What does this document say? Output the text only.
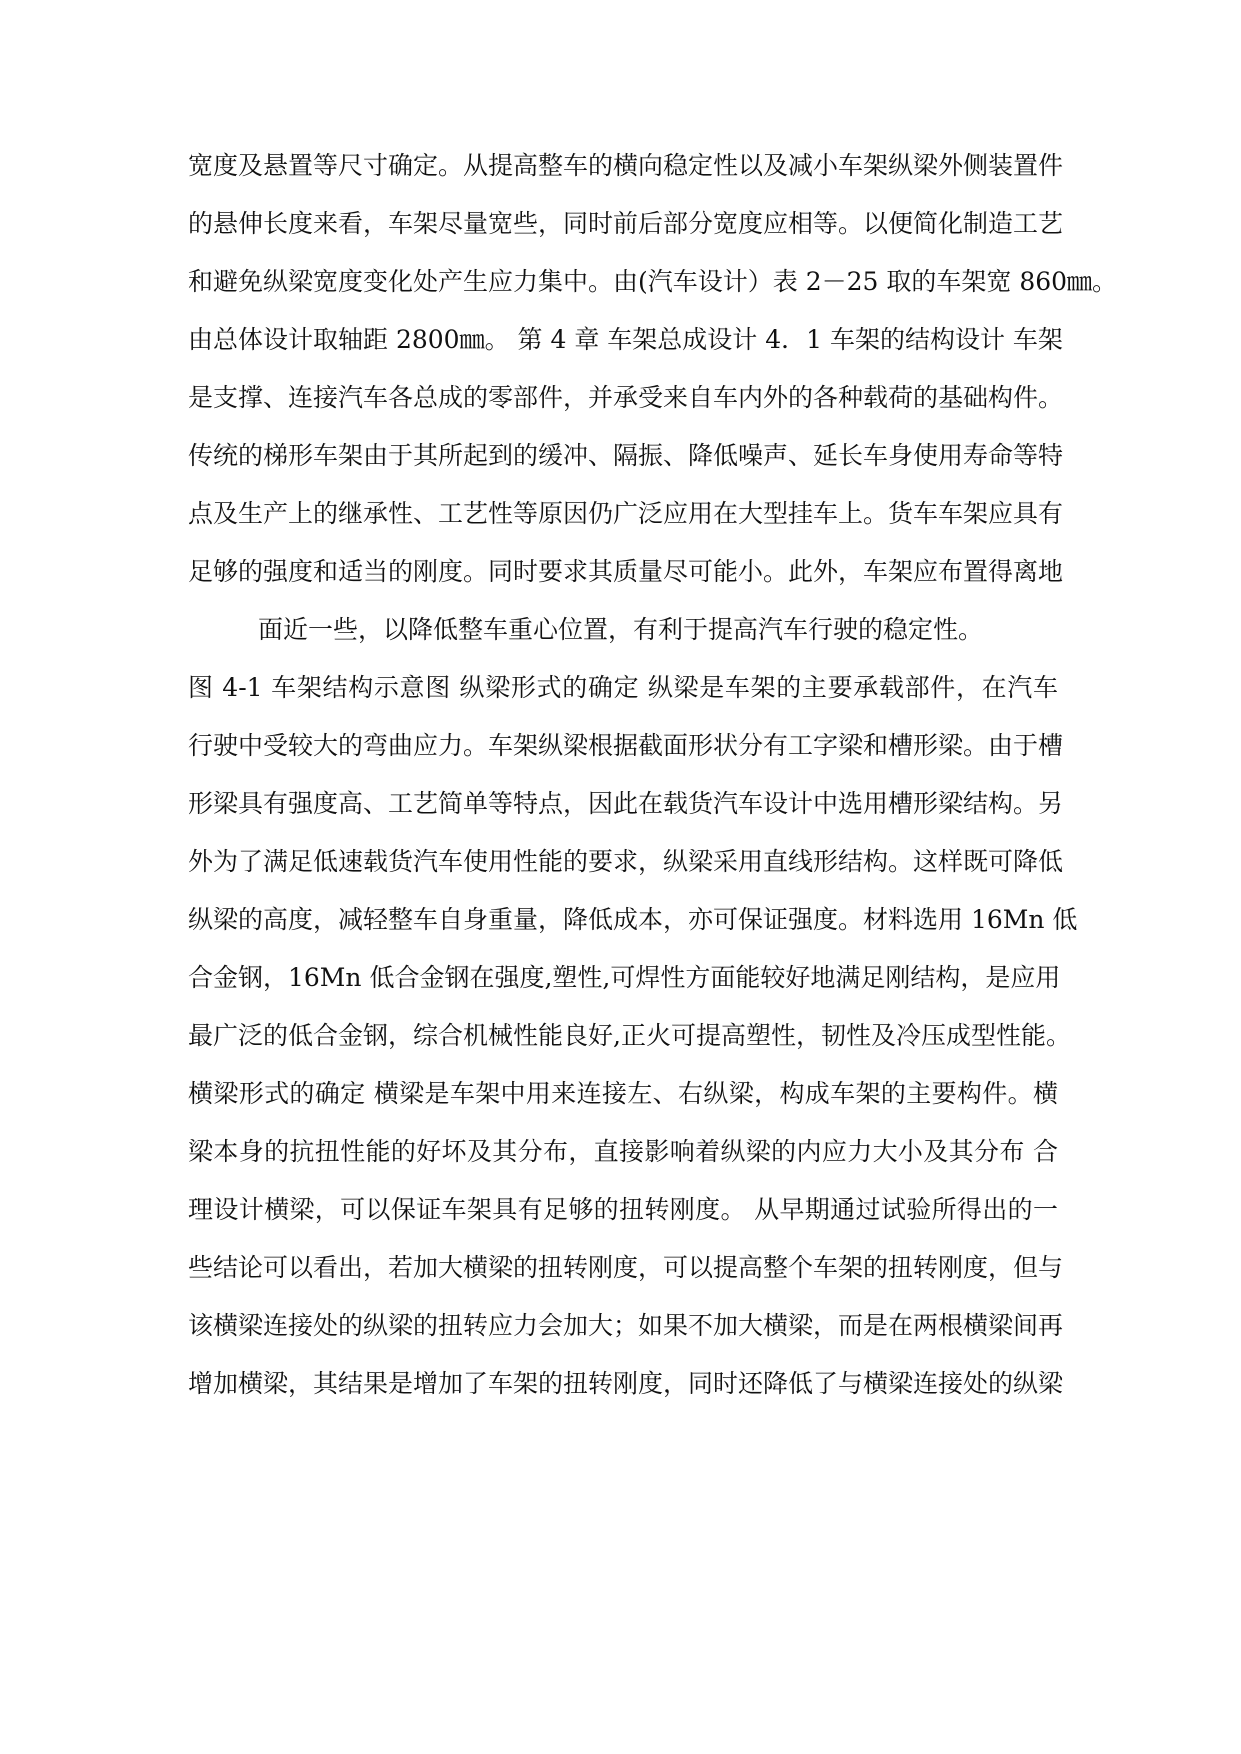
宽度及悬置等尺寸确定。从提高整车的横向稳定性以及减小车架纵梁外侧装置件
的悬伸长度来看，车架尽量宽些，同时前后部分宽度应相等。以便简化制造工艺
和避免纵梁宽度变化处产生应力集中。由(汽车设计）表 2－25 取的车架宽 860㎜。
由总体设计取轴距 2800㎜。 第 4 章 车架总成设计 4．1 车架的结构设计 车架
是支撑、连接汽车各总成的零部件，并承受来自车内外的各种载荷的基础构件。
传统的梯形车架由于其所起到的缓冲、隔振、降低噪声、延长车身使用寿命等特
点及生产上的继承性、工艺性等原因仍广泛应用在大型挂车上。货车车架应具有
足够的强度和适当的刚度。同时要求其质量尽可能小。此外，车架应布置得离地
面近一些，以降低整车重心位置，有利于提高汽车行驶的稳定性。
图 4-1 车架结构示意图 纵梁形式的确定 纵梁是车架的主要承载部件，在汽车
行驶中受较大的弯曲应力。车架纵梁根据截面形状分有工字梁和槽形梁。由于槽
形梁具有强度高、工艺简单等特点，因此在载货汽车设计中选用槽形梁结构。另
外为了满足低速载货汽车使用性能的要求，纵梁采用直线形结构。这样既可降低
纵梁的高度，减轻整车自身重量，降低成本，亦可保证强度。材料选用 16Mn 低
合金钢，16Mn 低合金钢在强度,塑性,可焊性方面能较好地满足刚结构，是应用
最广泛的低合金钢，综合机械性能良好,正火可提高塑性，韧性及冷压成型性能。
横梁形式的确定 横梁是车架中用来连接左、右纵梁，构成车架的主要构件。横
梁本身的抗扭性能的好坏及其分布，直接影响着纵梁的内应力大小及其分布 合
理设计横梁，可以保证车架具有足够的扭转刚度。 从早期通过试验所得出的一
些结论可以看出，若加大横梁的扭转刚度，可以提高整个车架的扭转刚度，但与
该横梁连接处的纵梁的扭转应力会加大；如果不加大横梁，而是在两根横梁间再
增加横梁，其结果是增加了车架的扭转刚度，同时还降低了与横梁连接处的纵梁
